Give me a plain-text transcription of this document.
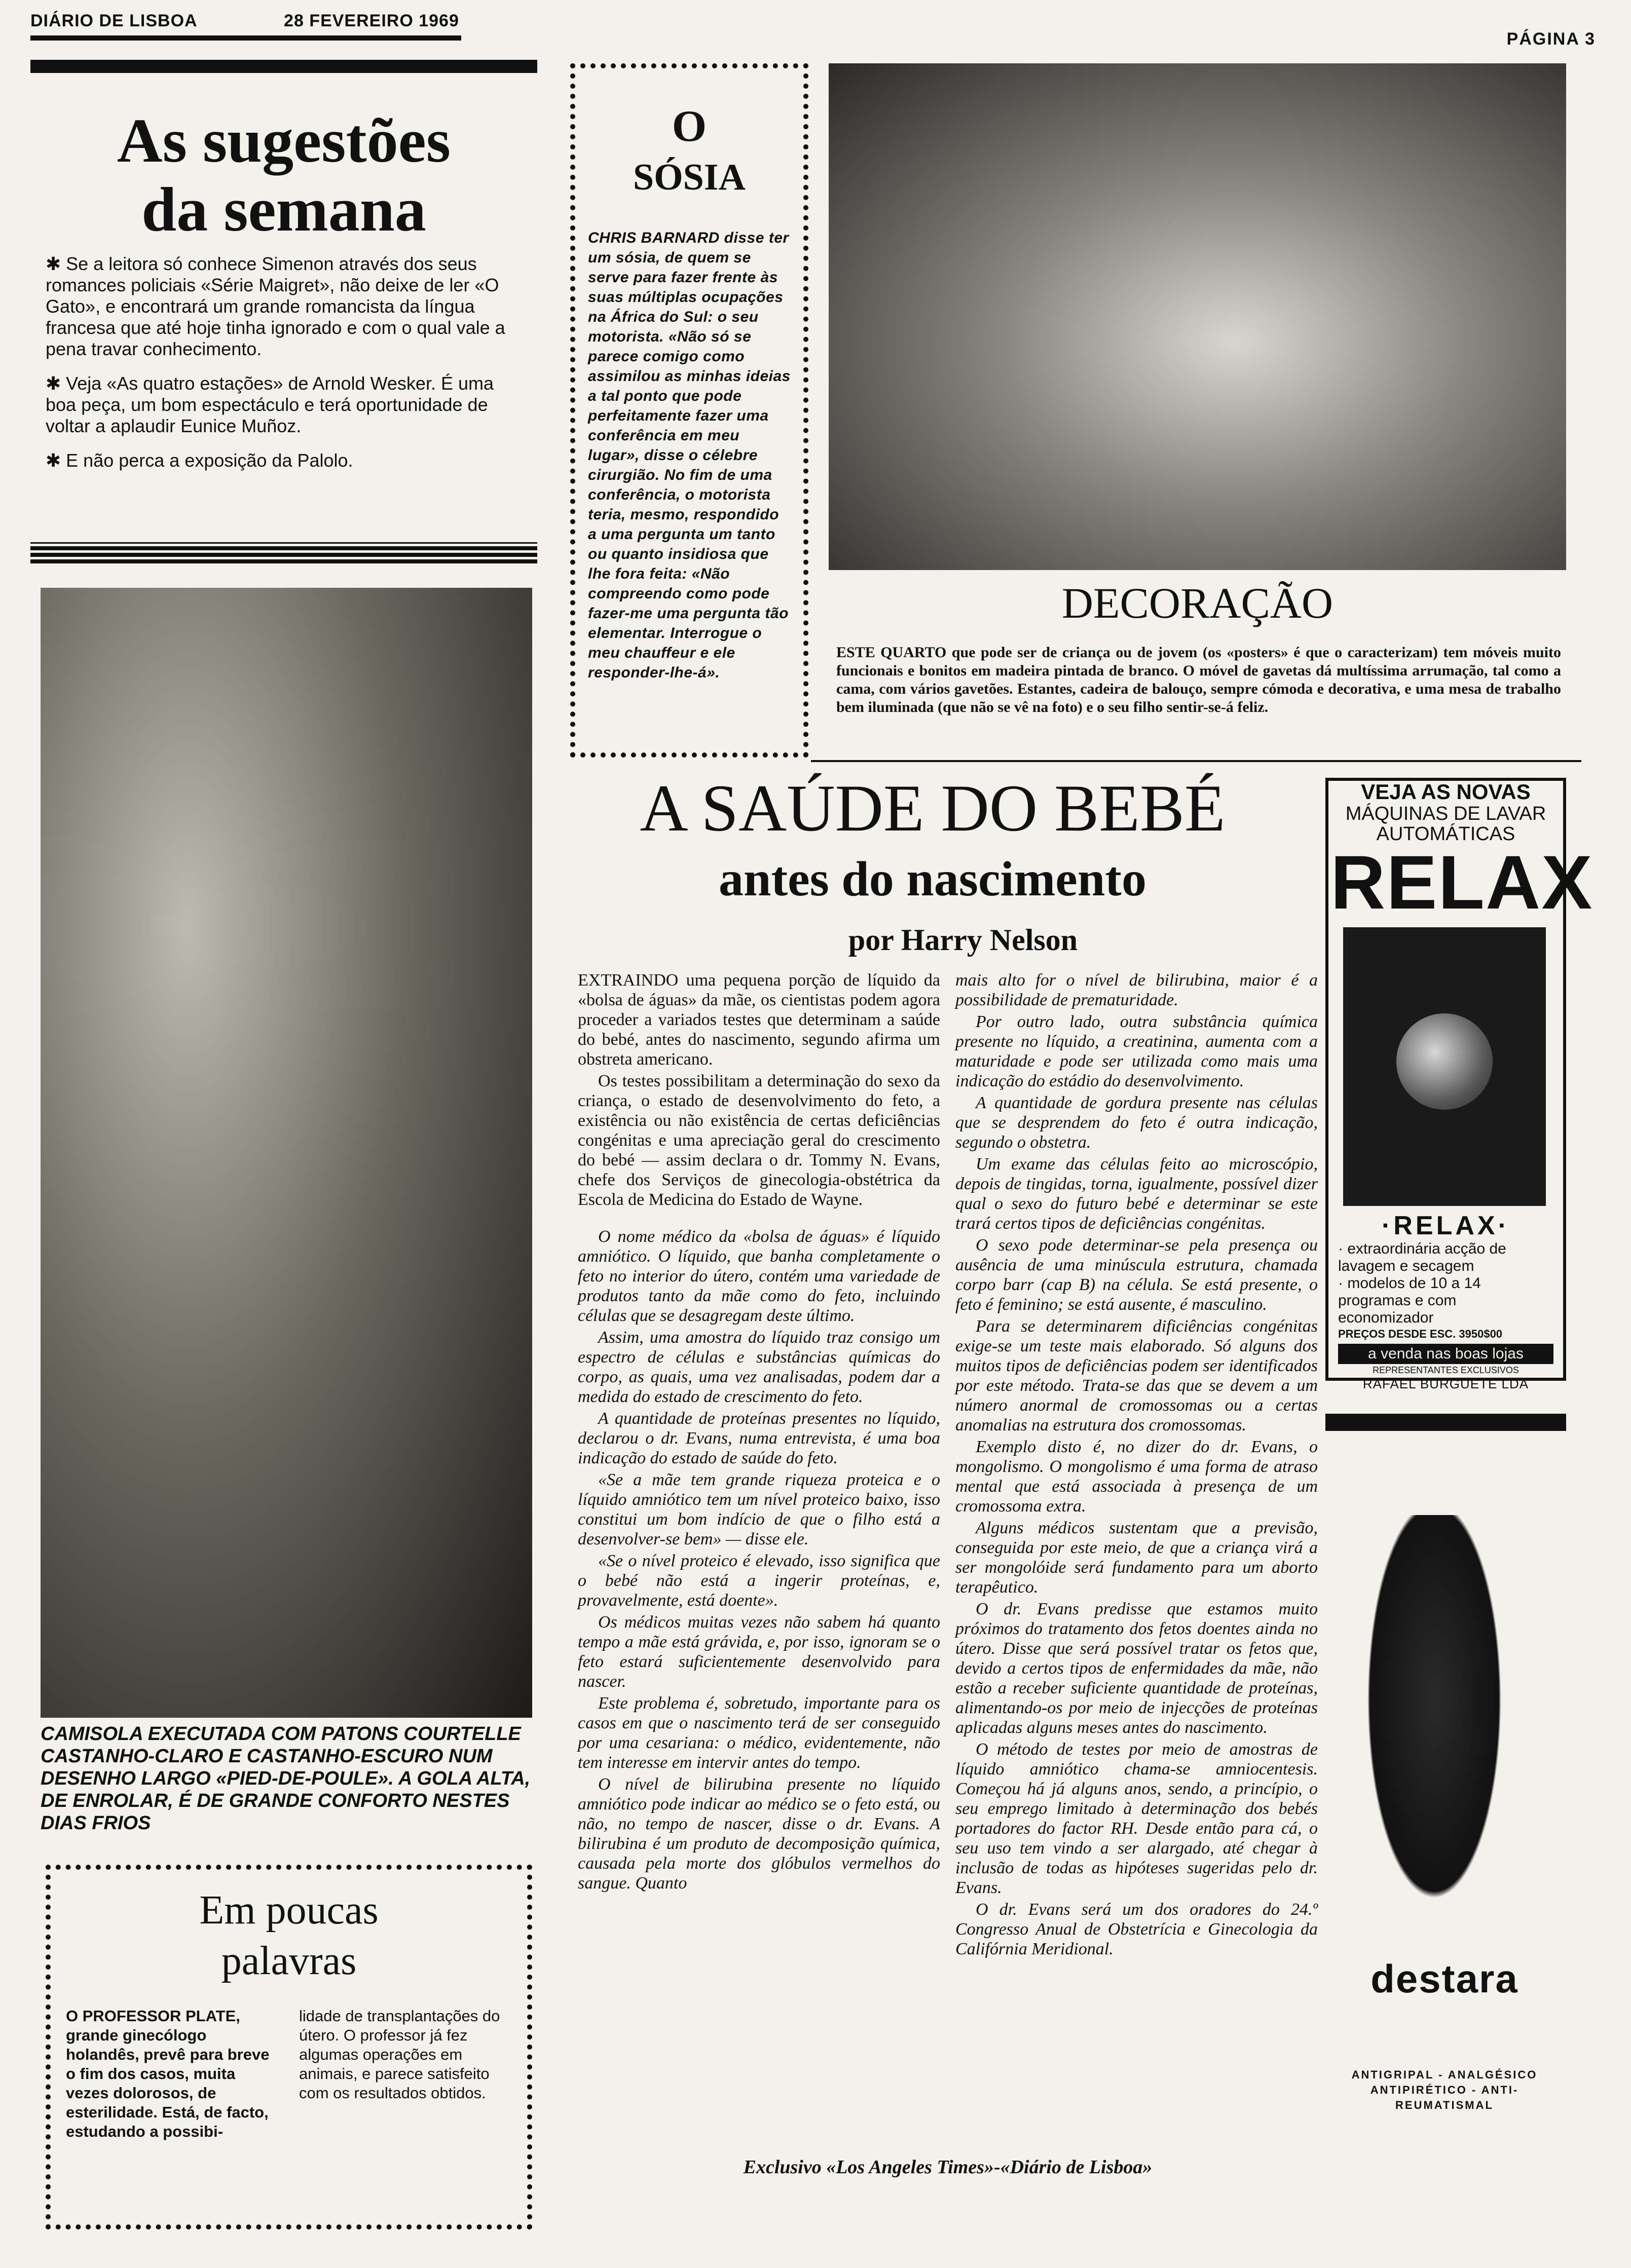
DIÁRIO DE LISBOA	28 FEVEREIRO 1969
PÁGINA 3
As sugestões
da semana

✱ Se a leitora só conhece Simenon através dos seus romances policiais «Série Maigret», não deixe de ler «O Gato», e encontrará um grande romancista da língua francesa que até hoje tinha ignorado e com o qual vale a pena travar conhecimento.

✱ Veja «As quatro estações» de Arnold Wesker. É uma boa peça, um bom espectáculo e terá oportunidade de voltar a aplaudir Eunice Muñoz.

✱ E não perca a exposição da Palolo.

CAMISOLA EXECUTADA COM PATONS COURTELLE CASTANHO-CLARO E CASTANHO-ESCURO NUM DESENHO LARGO «PIED-DE-POULE». A GOLA ALTA, DE ENROLAR, É DE GRANDE CONFORTO NESTES DIAS FRIOS
Em poucas
palavras
O PROFESSOR PLATE, grande ginecólogo holandês, prevê para breve o fim dos casos, muita vezes dolorosos, de esterilidade. Está, de facto, estudando a possibi-
lidade de transplantações do útero. O professor já fez algumas operações em animais, e parece satisfeito com os resultados obtidos.
O
SÓSIA
CHRIS BARNARD disse ter um sósia, de quem se serve para fazer frente às suas múltiplas ocupações na África do Sul: o seu motorista. «Não só se parece comigo como assimilou as minhas ideias a tal ponto que pode perfeitamente fazer uma conferência em meu lugar», disse o célebre cirurgião. No fim de uma conferência, o motorista teria, mesmo, respondido a uma pergunta um tanto ou quanto insidiosa que lhe fora feita: «Não compreendo como pode fazer-me uma pergunta tão elementar. Interrogue o meu chauffeur e ele responder-lhe-á».
DECORAÇÃO
ESTE QUARTO que pode ser de criança ou de jovem (os «posters» é que o caracterizam) tem móveis muito funcionais e bonitos em madeira pintada de branco. O móvel de gavetas dá multíssima arrumação, tal como a cama, com vários gavetões. Estantes, cadeira de balouço, sempre cómoda e decorativa, e uma mesa de trabalho bem iluminada (que não se vê na foto) e o seu filho sentir-se-á feliz.
A SAÚDE DO BEBÉ
antes do nascimento
por Harry Nelson

EXTRAINDO uma pequena porção de líquido da «bolsa de águas» da mãe, os cientistas podem agora proceder a variados testes que determinam a saúde do bebé, antes do nascimento, segundo afirma um obstreta americano.

Os testes possibilitam a determinação do sexo da criança, o estado de desenvolvimento do feto, a existência ou não existência de certas deficiências congénitas e uma apreciação geral do crescimento do bebé — assim declara o dr. Tommy N. Evans, chefe dos Serviços de ginecologia-obstétrica da Escola de Medicina do Estado de Wayne.

O nome médico da «bolsa de águas» é líquido amniótico. O líquido, que banha completamente o feto no interior do útero, contém uma variedade de produtos tanto da mãe como do feto, incluindo células que se desagregam deste último.

Assim, uma amostra do líquido traz consigo um espectro de células e substâncias químicas do corpo, as quais, uma vez analisadas, podem dar a medida do estado de crescimento do feto.

A quantidade de proteínas presentes no líquido, declarou o dr. Evans, numa entrevista, é uma boa indicação do estado de saúde do feto.

«Se a mãe tem grande riqueza proteica e o líquido amniótico tem um nível proteico baixo, isso constitui um bom indício de que o filho está a desenvolver-se bem» — disse ele.

«Se o nível proteico é elevado, isso significa que o bebé não está a ingerir proteínas, e, provavelmente, está doente».

Os médicos muitas vezes não sabem há quanto tempo a mãe está grávida, e, por isso, ignoram se o feto estará suficientemente desenvolvido para nascer.

Este problema é, sobretudo, importante para os casos em que o nascimento terá de ser conseguido por uma cesariana: o médico, evidentemente, não tem interesse em intervir antes do tempo.

O nível de bilirubina presente no líquido amniótico pode indicar ao médico se o feto está, ou não, no tempo de nascer, disse o dr. Evans. A bilirubina é um produto de decomposição química, causada pela morte dos glóbulos vermelhos do sangue. Quanto

mais alto for o nível de bilirubina, maior é a possibilidade de prematuridade.

Por outro lado, outra substância química presente no líquido, a creatinina, aumenta com a maturidade e pode ser utilizada como mais uma indicação do estádio do desenvolvimento.

A quantidade de gordura presente nas células que se desprendem do feto é outra indicação, segundo o obstetra.

Um exame das células feito ao microscópio, depois de tingidas, torna, igualmente, possível dizer qual o sexo do futuro bebé e determinar se este trará certos tipos de deficiências congénitas.

O sexo pode determinar-se pela presença ou ausência de uma minúscula estrutura, chamada corpo barr (cap B) na célula. Se está presente, o feto é feminino; se está ausente, é masculino.

Para se determinarem dificiências congénitas exige-se um teste mais elaborado. Só alguns dos muitos tipos de deficiências podem ser identificados por este método. Trata-se das que se devem a um número anormal de cromossomas ou a certas anomalias na estrutura dos cromossomas.

Exemplo disto é, no dizer do dr. Evans, o mongolismo. O mongolismo é uma forma de atraso mental que está associada à presença de um cromossoma extra.

Alguns médicos sustentam que a previsão, conseguida por este meio, de que a criança virá a ser mongolóide será fundamento para um aborto terapêutico.

O dr. Evans predisse que estamos muito próximos do tratamento dos fetos doentes ainda no útero. Disse que será possível tratar os fetos que, devido a certos tipos de enfermidades da mãe, não estão a receber suficiente quantidade de proteínas, alimentando-os por meio de injecções de proteínas aplicadas alguns meses antes do nascimento.

O método de testes por meio de amostras de líquido amniótico chama-se amniocentesis. Começou há já alguns anos, sendo, a princípio, o seu emprego limitado à determinação dos bebés portadores do factor RH. Desde então para cá, o seu uso tem vindo a ser alargado, até chegar à inclusão de todas as hipóteses sugeridas pelo dr. Evans.

O dr. Evans será um dos oradores do 24.º Congresso Anual de Obstetrícia e Ginecologia da Califórnia Meridional.

Exclusivo «Los Angeles Times»-«Diário de Lisboa»
VEJA AS NOVAS
MÁQUINAS DE LAVAR
AUTOMÁTICAS
RELAX
·RELAX·
· extraordinária acção de lavagem e secagem
· modelos de 10 a 14 programas e com economizador
PREÇOS DESDE ESC. 3950$00
a venda nas boas lojas
REPRESENTANTES EXCLUSIVOS
RAFAEL BURGUETE LDA
destara
ANTIGRIPAL - ANALGÉSICO
ANTIPIRÉTICO - ANTI-REUMATISMAL
